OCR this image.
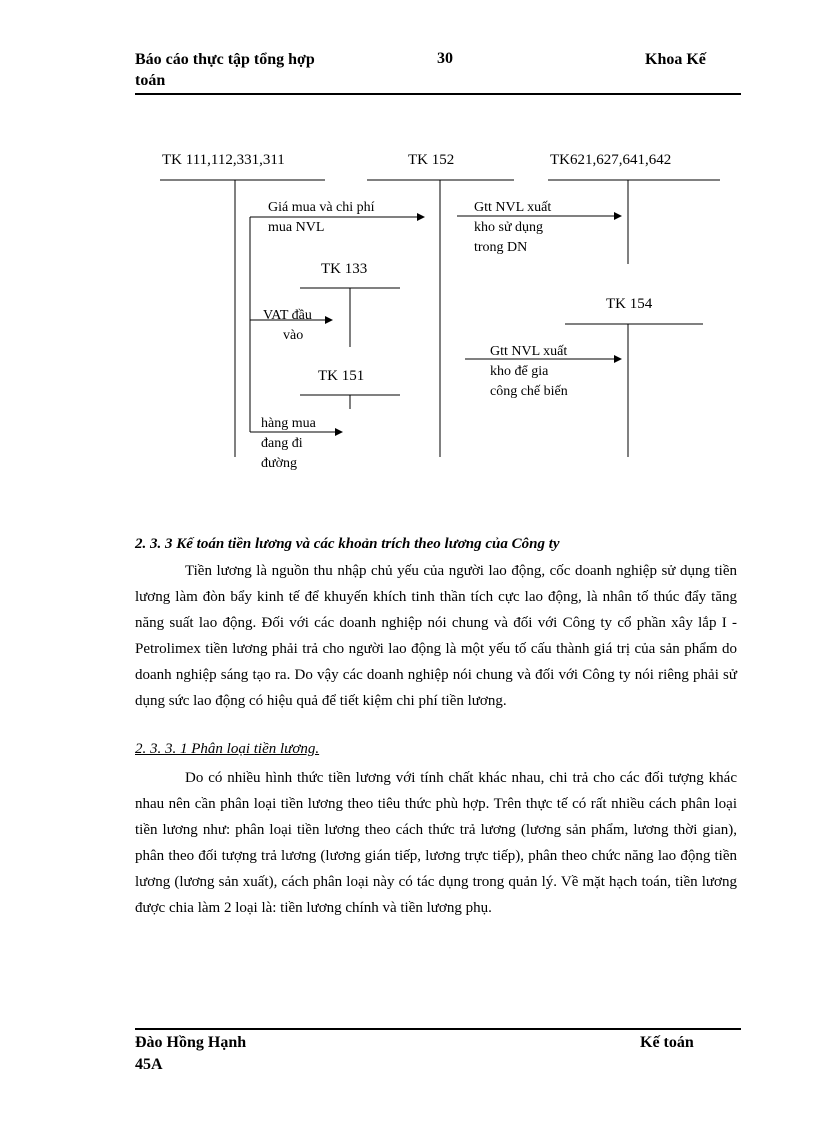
Báo cáo thực tập tổng hợp
toán
30	Khoa Kế
TK 111,112,331,311	TK 152	TK621,627,641,642
TK 133
TK 154
TK 151
Giá mua và chi phí
mua NVL
Gtt NVL xuất
kho sử dụng
trong DN
VAT đầu
vào
Gtt NVL xuất
kho để gia
công chế biến
hàng mua
đang đi
đường
2. 3. 3 Kế toán tiền lương và các khoản trích theo lương của Công ty

Tiền lương là nguồn thu nhập chủ yếu của người lao động, cốc doanh nghiệp sử dụng tiền lương làm đòn bẩy kinh tế để khuyến khích tinh thần tích cực lao động, là nhân tố thúc đẩy tăng năng suất lao động. Đối với các doanh nghiệp nói chung và đối với Công ty cổ phần xây lắp I - Petrolimex tiền lương phải trả cho người lao động là một yếu tố cấu thành giá trị của sản phẩm do doanh nghiệp sáng tạo ra. Do vậy các doanh nghiệp nói chung và đối với Công ty nói riêng phải sử dụng sức lao động có hiệu quả để tiết kiệm chi phí tiền lương.

2. 3. 3. 1 Phân loại tiền lương.

Do có nhiều hình thức tiền lương với tính chất khác nhau, chi trả cho các đối tượng khác nhau nên cần phân loại tiền lương theo tiêu thức phù hợp. Trên thực tế có rất nhiều cách phân loại tiền lương như: phân loại tiền lương theo cách thức trả lương (lương sản phẩm, lương thời gian), phân theo đối tượng trả lương (lương gián tiếp, lương trực tiếp), phân theo chức năng lao động tiền lương (lương sản xuất), cách phân loại này có tác dụng trong quản lý. Về mặt hạch toán, tiền lương được chia làm 2 loại là: tiền lương chính và tiền lương phụ.

Đào Hồng Hạnh
45A
Kế toán
